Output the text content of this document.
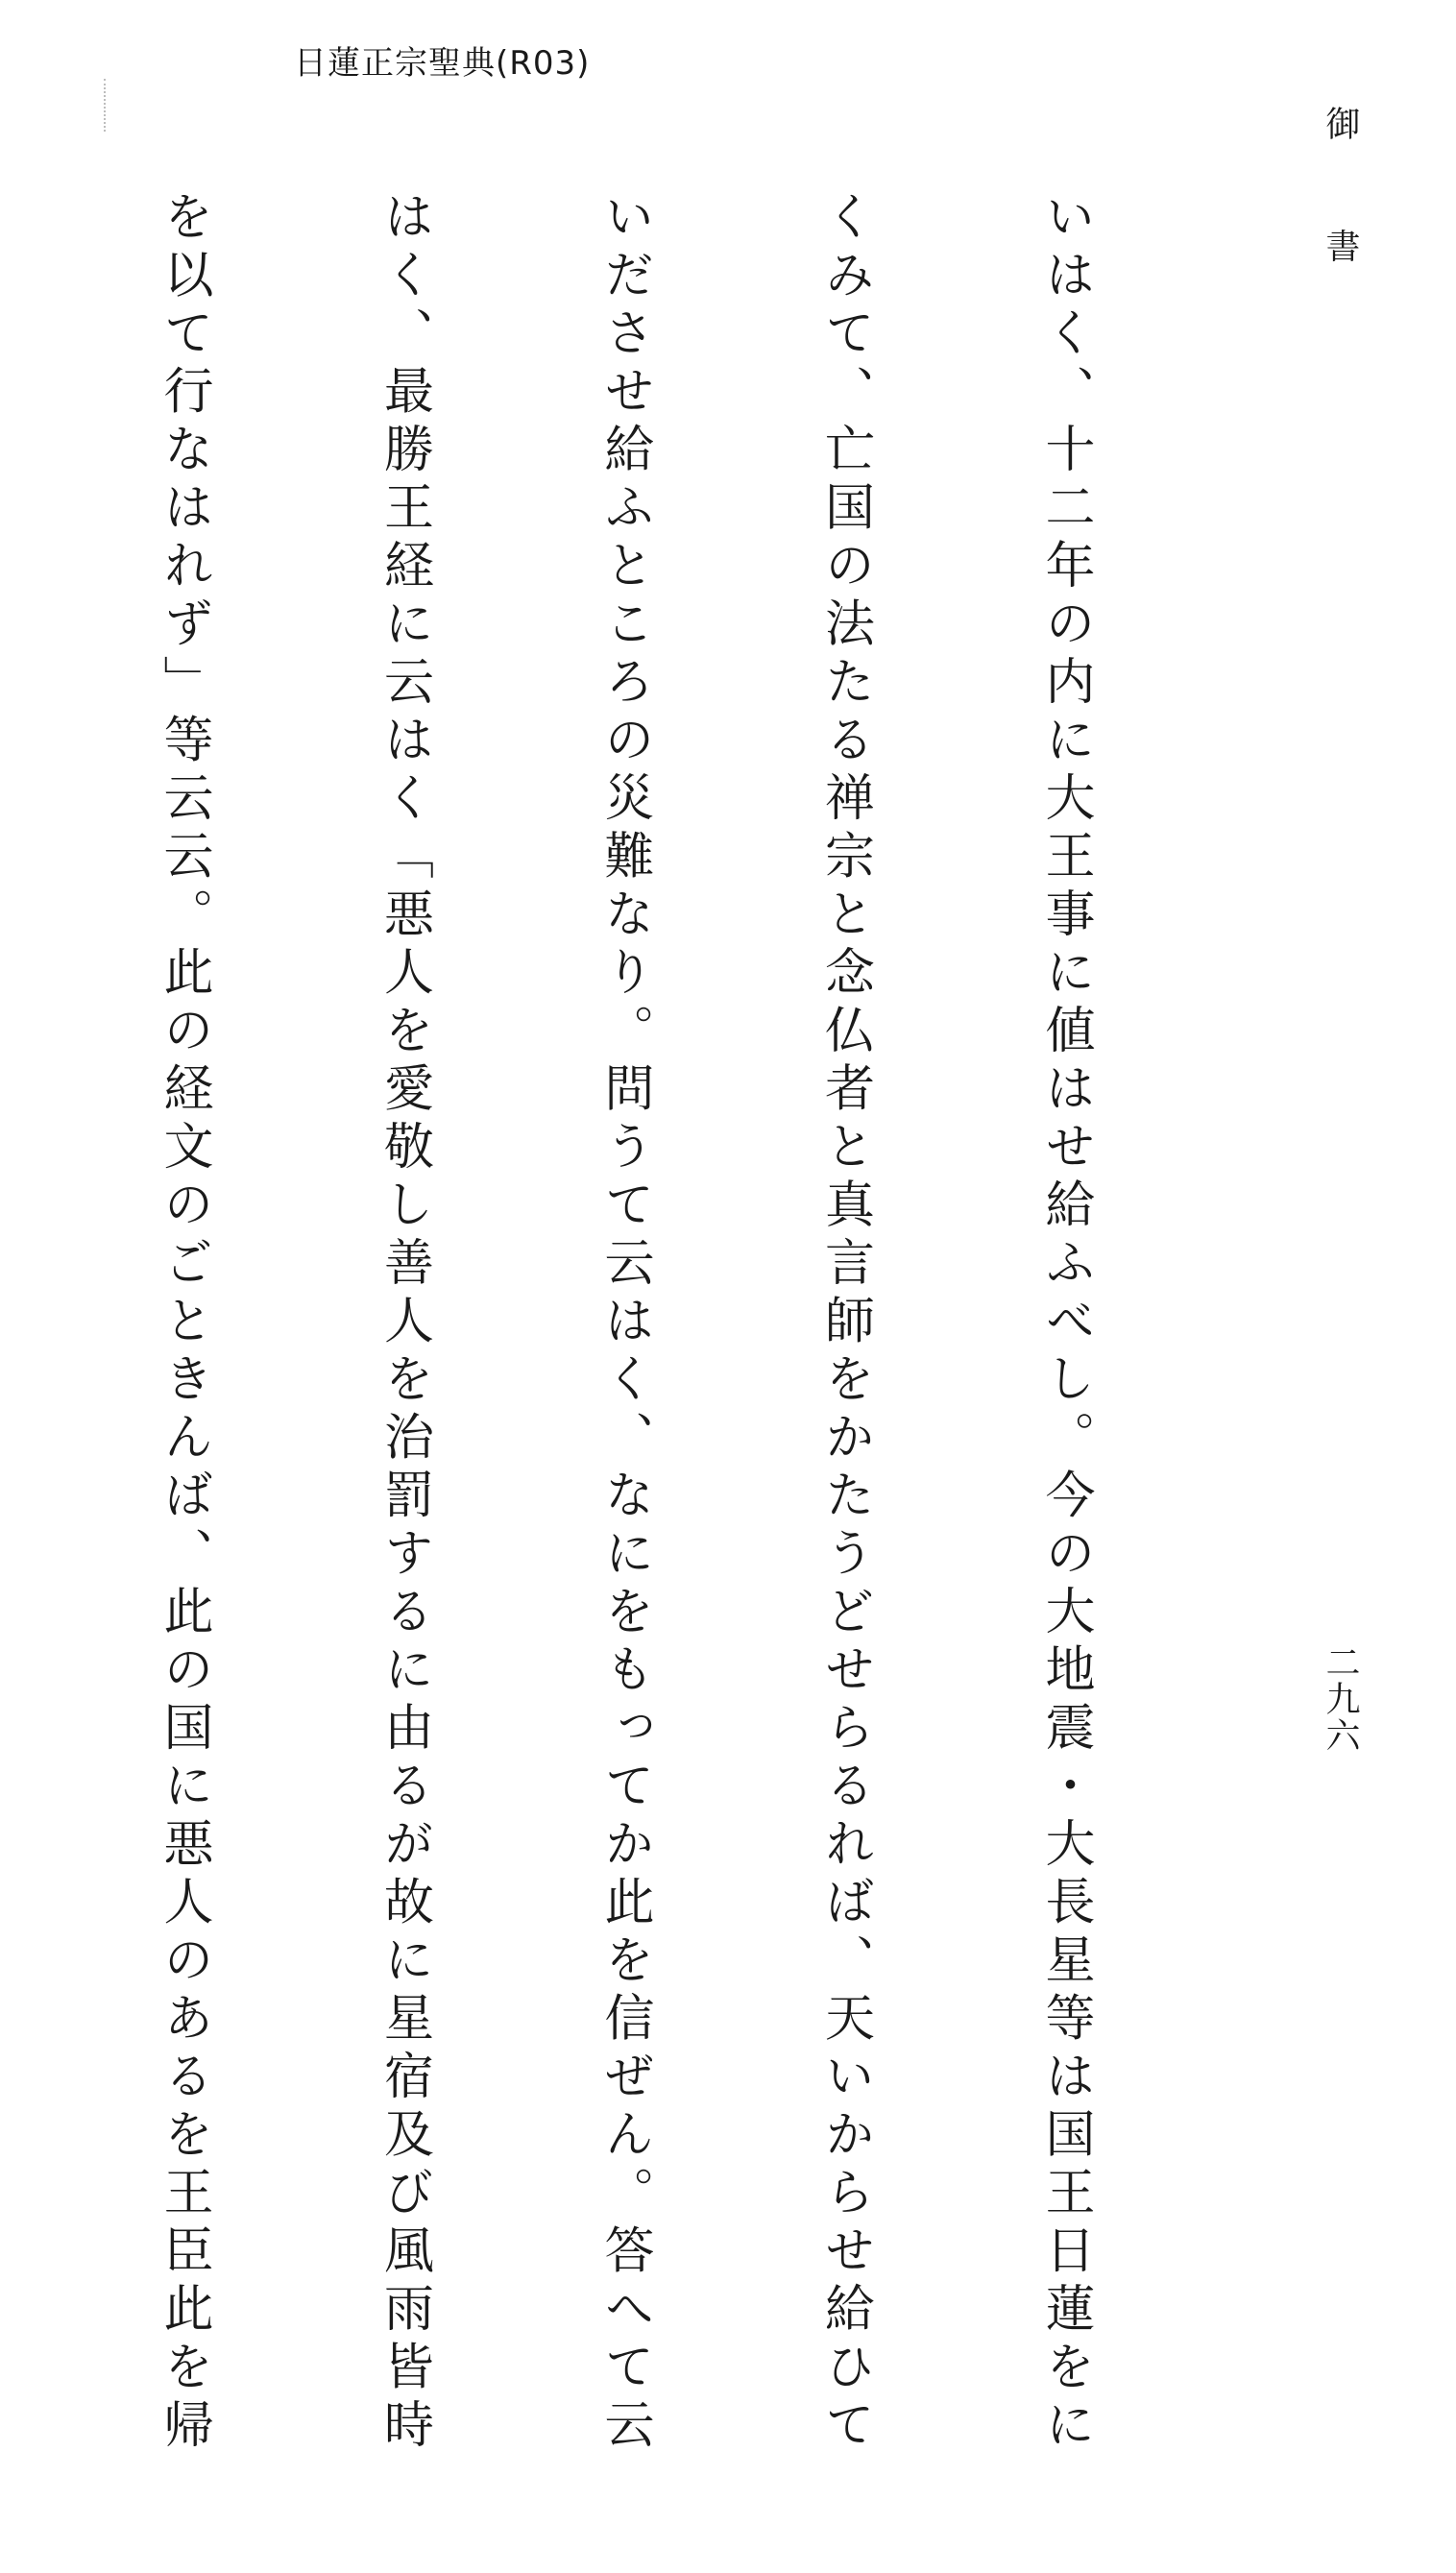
日蓮正宗聖典(R03)
御 書
二九六

いはく、十二年の内に大王事に値はせ給ふべし。今の大地震・大長星等は国王日蓮をに

くみて、亡国の法たる禅宗と念仏者と真言師をかたうどせらるれば、天いからせ給ひて

いださせ給ふところの災難なり。問うて云はく、なにをもってか此を信ぜん。答へて云

はく、最勝王経に云はく「悪人を愛敬し善人を治罰するに由るが故に星宿及び風雨皆時

を以て行なはれず」等云云。此の経文のごときんば、此の国に悪人のあるを王臣此を帰
